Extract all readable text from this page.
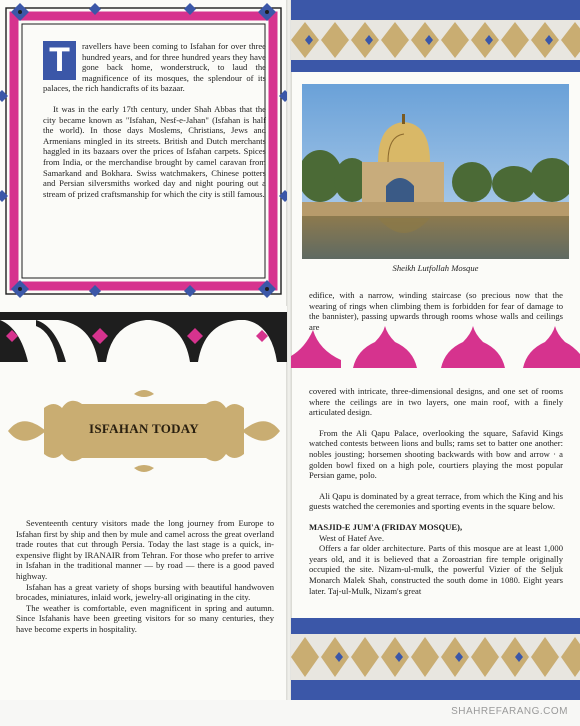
T	ravellers have been coming to Isfahan for over three hundred years, and for three hundred years they have gone back home, wonderstruck, to laud the magnificence of its mosques, the splendour of its palaces, the rich handicrafts of its bazaar.

It was in the early 17th century, under Shah Abbas that the city became known as "Isfahan, Nesf-e-Jahan" (Isfahan is half the world). In those days Moslems, Christians, Jews and Armenians mingled in its streets. British and Dutch merchants haggled in its bazaars over the prices of Isfahan carpets. Spices from India, or the merchandise brought by camel caravan from Samarkand and Bokhara. Swiss watchmakers, Chinese potters and Persian silversmiths worked day and night pouring out a stream of prized craftsmanship for which the city is still famous.

ISFAHAN TODAY

Seventeenth century visitors made the long journey from Europe to Isfahan first by ship and then by mule and camel across the great overland trade routes that cut through Persia. Today the last stage is a quick, in-expensive flight by IRANAIR from Tehran. For those who prefer to arrive in Isfahan in the traditional manner — by road — there is a good paved highway.

Isfahan has a great variety of shops bursing with beautiful handwoven brocades, miniatures, inlaid work, jewelry-all originating in the city.

The weather is comfortable, even magnificent in spring and autumn. Since Isfahanis have been greeting visitors for so many centuries, they have become experts in hospitality.

Sheikh Lutfollah Mosque

edifice, with a narrow, winding staircase (so precious now that the wearing of rings when climbing them is forbidden for fear of damage to the bannister), passing upwards through rooms whose walls and ceilings are

covered with intricate, three-dimensional designs, and one set of rooms where the ceilings are in two layers, one main roof, with a finely articulated design.

From the Ali Qapu Palace, overlooking the square, Safavid Kings watched contests between lions and bulls; rams set to batter one another: nobles jousting; horsemen shooting backwards with bow and arrow · a golden bowl fixed on a high pole, courtiers playing the most popular Persian game, polo.

Ali Qapu is dominated by a great terrace, from which the King and his guests watched the ceremonies and sporting events in the square below.

MASJID-E JUM'A (FRIDAY MOSQUE),

West of Hatef Ave.

Offers a far older architecture. Parts of this mosque are at least 1,000 years old, and it is believed that a Zoroastrian fire temple originally occupied the site. Nizam-ul-mulk, the powerful Vizier of the Seljuk Monarch Malek Shah, constructed the south dome in 1080. Eight years later. Taj-ul-Mulk, Nizam's great

SHAHREFARANG.COM
